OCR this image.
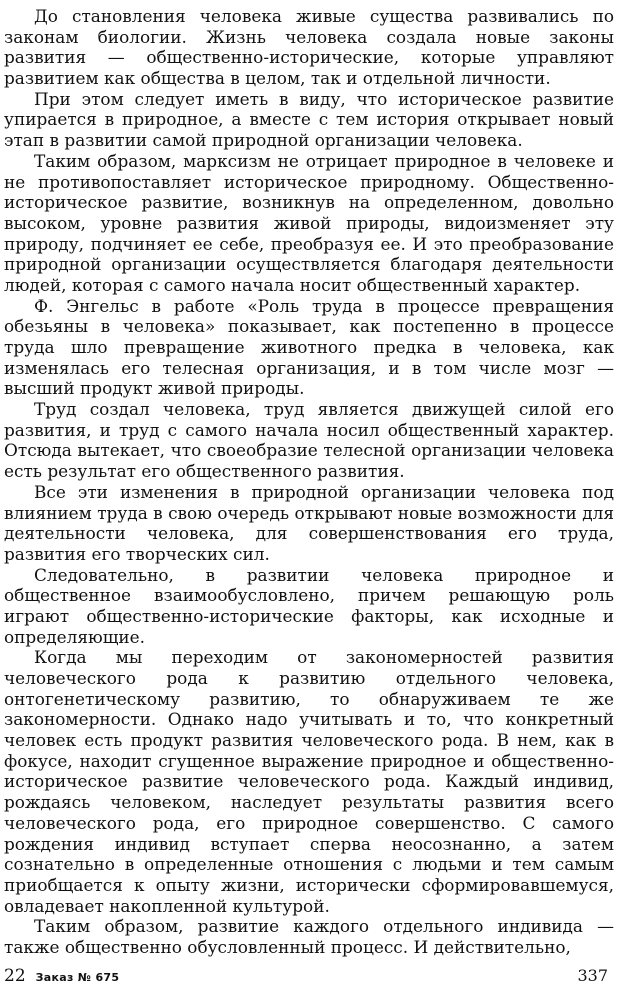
До становления человека живые существа развивались по законам биологии. Жизнь человека создала новые законы развития — общественно-исторические, которые управляют развитием как общества в целом, так и отдельной личности.

При этом следует иметь в виду, что историческое развитие упирается в природное, а вместе с тем история открывает новый этап в развитии самой природной организации человека.

Таким образом, марксизм не отрицает природное в человеке и не противопоставляет историческое природному. Общественно-историческое развитие, возникнув на определенном, довольно высоком, уровне развития живой природы, видоизменяет эту природу, подчиняет ее себе, преобразуя ее. И это преобразование природной организации осуществляется благодаря деятельности людей, которая с самого начала носит общественный характер.

Ф. Энгельс в работе «Роль труда в процессе превращения обезьяны в человека» показывает, как постепенно в процессе труда шло превращение животного предка в человека, как изменялась его телесная организация, и в том числе мозг — высший продукт живой природы.

Труд создал человека, труд является движущей силой его развития, и труд с самого начала носил общественный характер. Отсюда вытекает, что своеобразие телесной организации человека есть результат его общественного развития.

Все эти изменения в природной организации человека под влиянием труда в свою очередь открывают новые возможности для деятельности человека, для совершенствования его труда, развития его творческих сил.

Следовательно, в развитии человека природное и общественное взаимообусловлено, причем решающую роль играют общественно-исторические факторы, как исходные и определяющие.

Когда мы переходим от закономерностей развития человеческого рода к развитию отдельного человека, онтогенетическому развитию, то обнаруживаем те же закономерности. Однако надо учитывать и то, что конкретный человек есть продукт развития человеческого рода. В нем, как в фокусе, находит сгущенное выражение природное и общественно-историческое развитие человеческого рода. Каждый индивид, рождаясь человеком, наследует результаты развития всего человеческого рода, его природное совершенство. С самого рождения индивид вступает сперва неосознанно, а затем сознательно в определенные отношения с людьми и тем самым приобщается к опыту жизни, исторически сформировавшемуся, овладевает накопленной культурой.

Таким образом, развитие каждого отдельного индивида — также общественно обусловленный процесс. И действительно,

22 Заказ № 675	337
